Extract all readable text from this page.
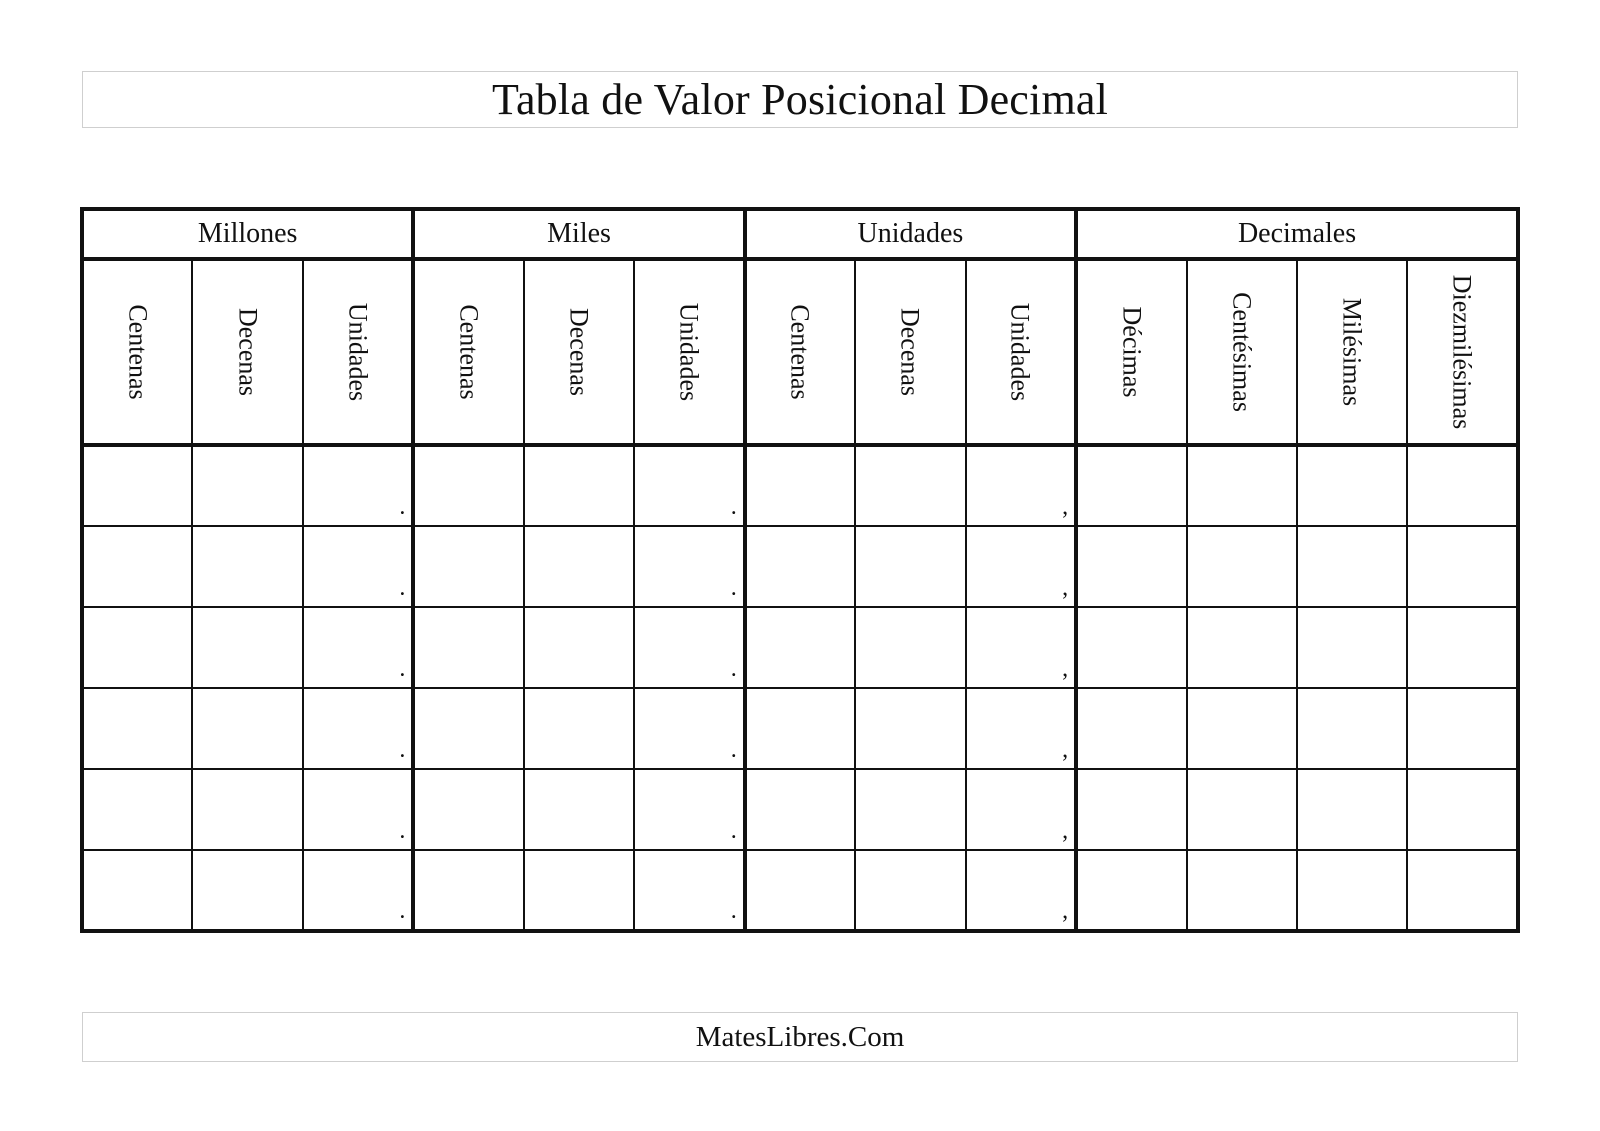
Tabla de Valor Posicional Decimal
Millones			Miles			Unidades			Decimales			

Centenas	Decenas	Unidades	Centenas	Decenas	Unidades	Centenas	Decenas	Unidades	Décimas	Centésimas	Milésimas	Diezmilésimas

		.			.			,				

		.			.			,				

		.			.			,				

		.			.			,				

		.			.			,				

		.			.			,				

MatesLibres.Com
